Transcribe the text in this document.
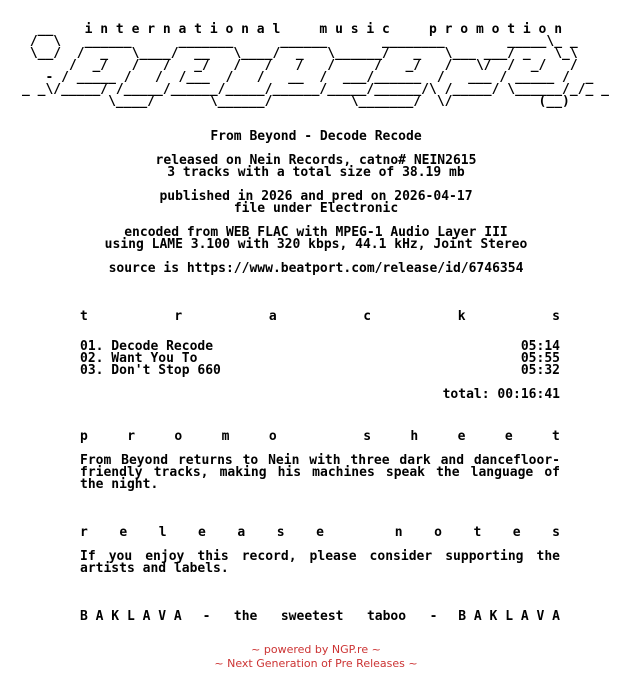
__    i n t e r n a t i o n a l     m u s i c     p r o m o t i o n
/  \   ______      _______      ______       ________        _____\_ _
\__/  /  _   \____/  __   \____/  _   \______/   _   \___ ___/ _   \_\
/  _/   /   /   _/   /   /   /   /     /   _/   /   \/  /  _/   /
- / _____ /   /  /___  /   /   __  /  ___/______  /   ___ / _____ /  _
_ _\/_____/ /_____/______/_____/______/_____/______/\ /_____/ \______/_/_ _
\____/       \______/          \_______/  \/           (__)
From Beyond - Decode Recode
released on Nein Records, catno# NEIN2615
3 tracks with a total size of 38.19 mb
published in 2026 and pred on 2026-04-17
file under Electronic
encoded from WEB FLAC with MPEG-1 Audio Layer III
using LAME 3.100 with 320 kbps, 44.1 kHz, Joint Stereo
source is https://www.beatport.com/release/id/6746354
t	r	a	c	k	s
01. Decode Recode	05:14
02. Want You To	05:55
03. Don't Stop 660	05:32
total: 00:16:41
p	r	o	m	o
	s	h	e	e	t
From Beyond returns to Nein with three dark and dancefloor-friendly tracks, making his machines speak the language of the night.
r e l e a s e
	n o t e s
If you enjoy this record, please consider supporting the artists and labels.
B A K L A V A -   the   sweetest   taboo   - B A K L A V A
~ powered by NGP.re ~
~ Next Generation of Pre Releases ~
